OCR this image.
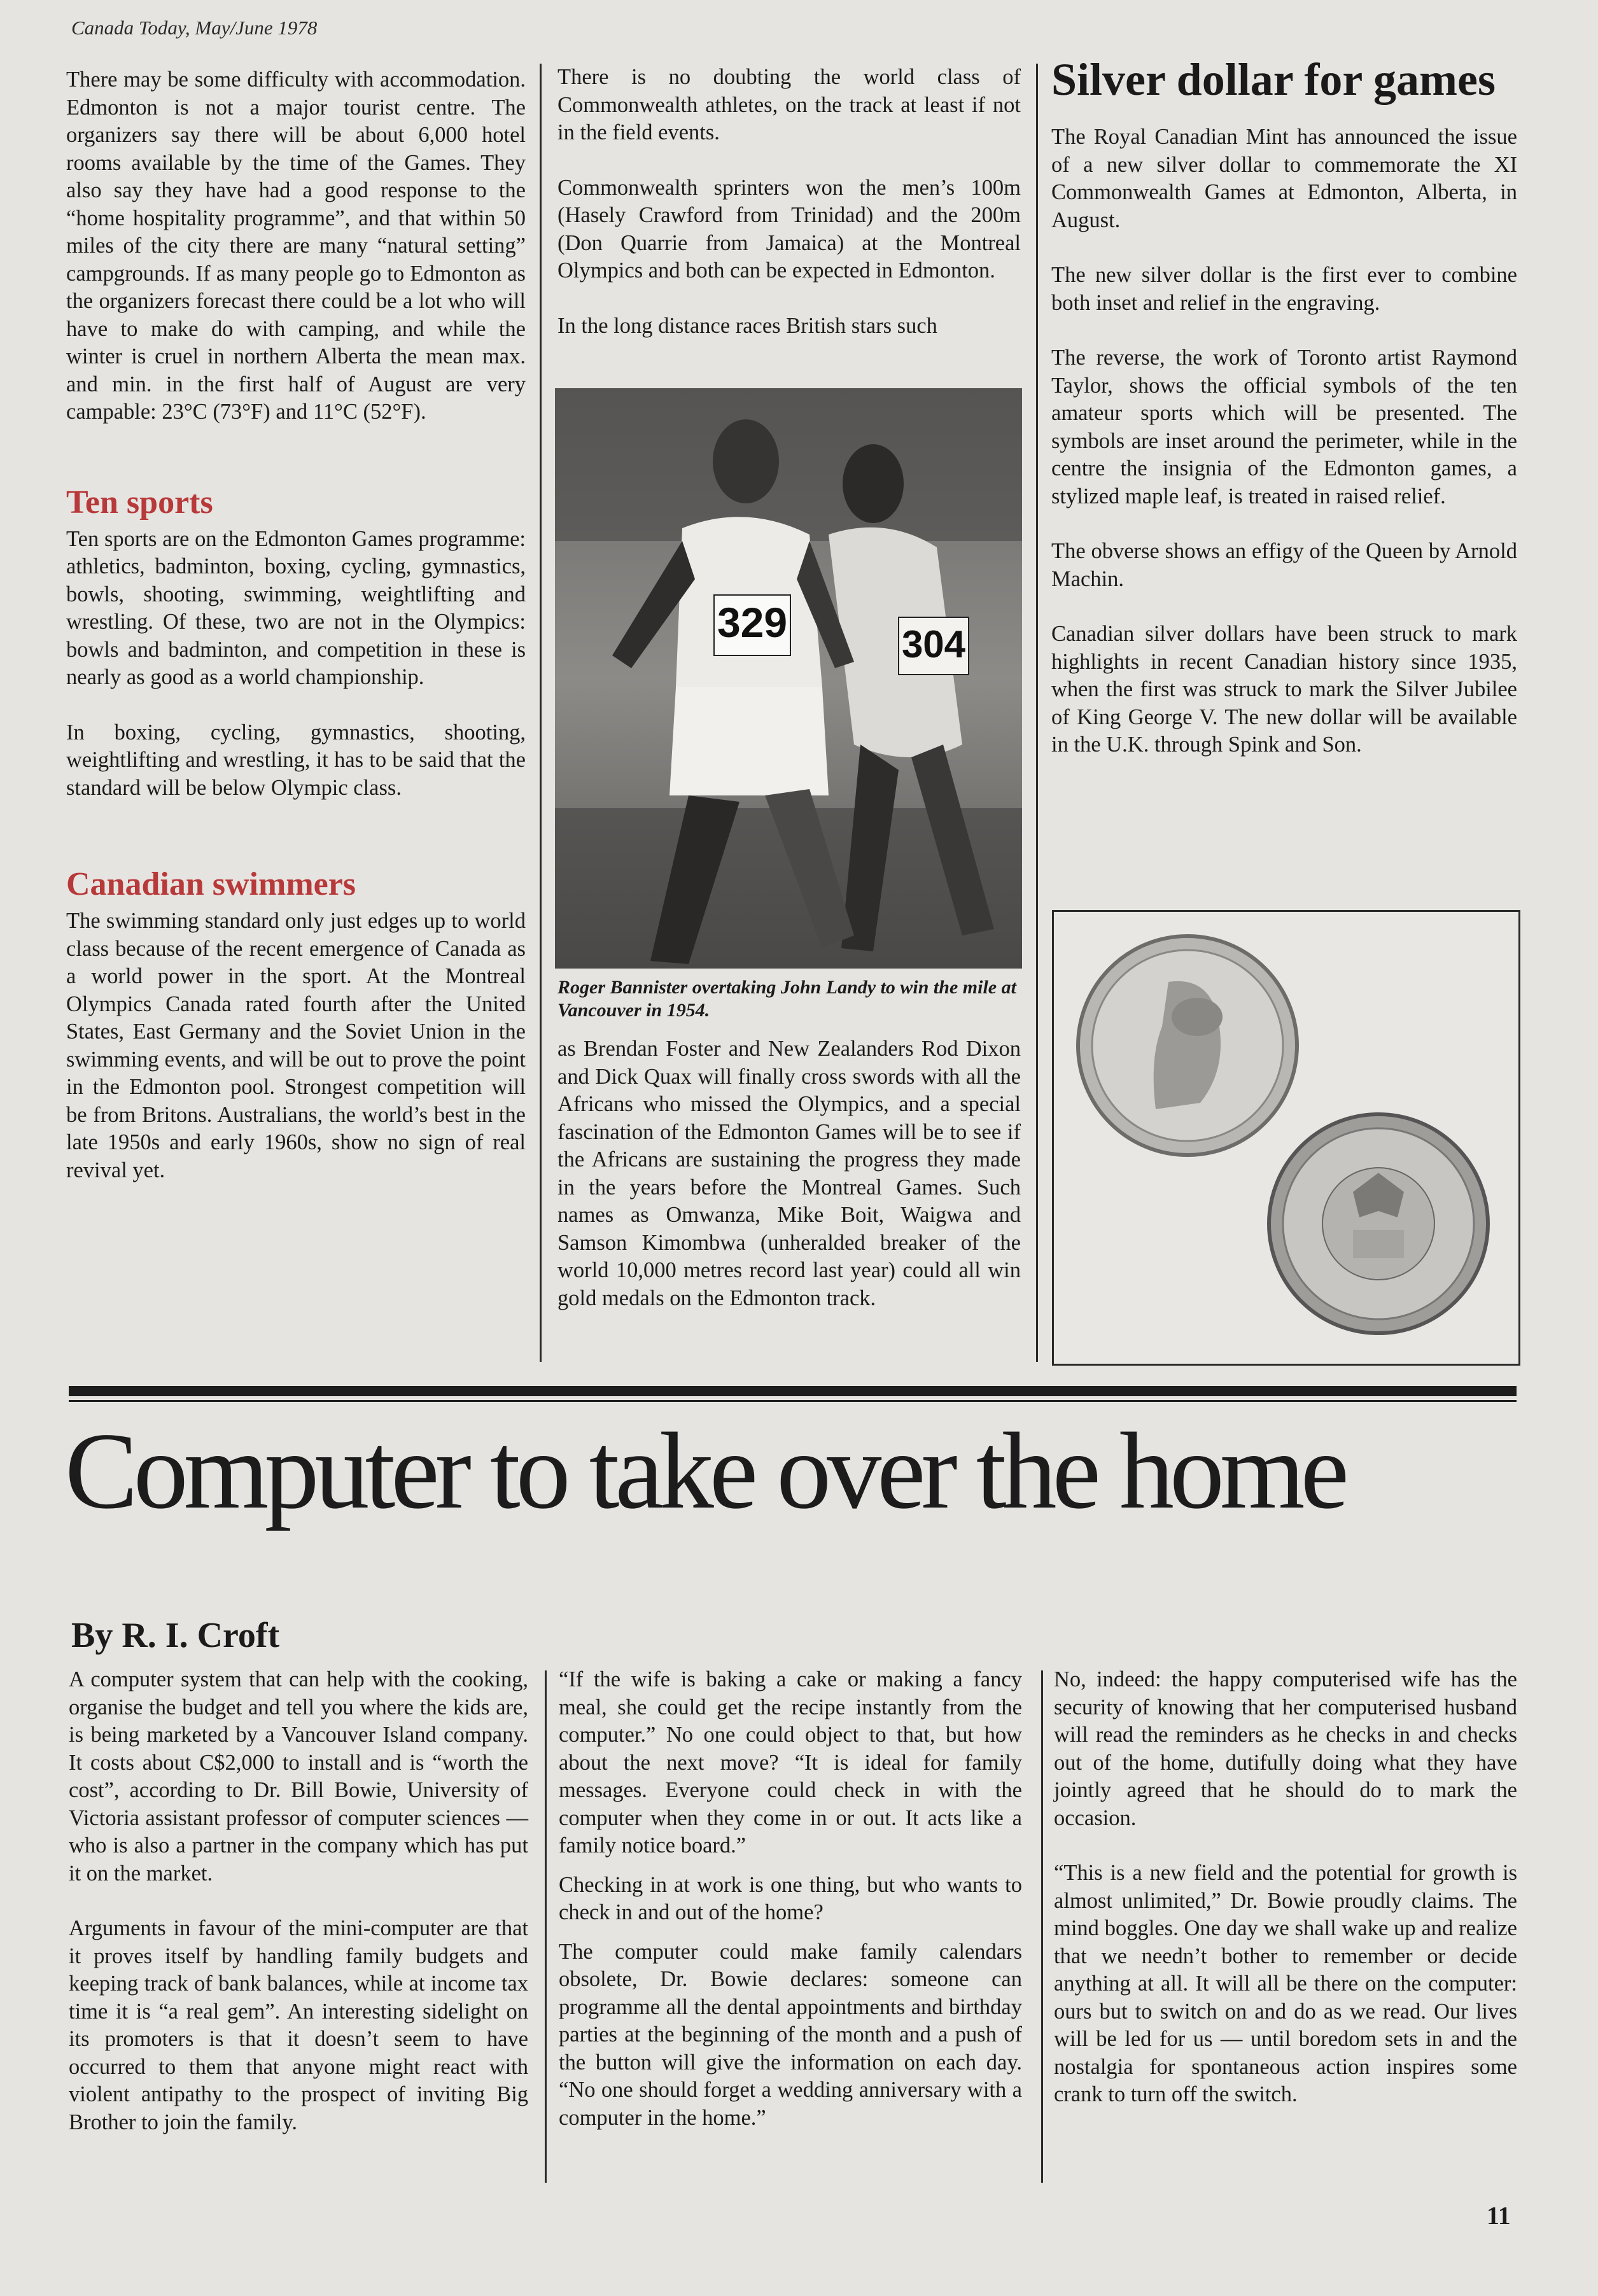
Canada Today, May/June 1978

There may be some difficulty with accommodation. Edmonton is not a major tourist centre. The organizers say there will be about 6,000 hotel rooms available by the time of the Games. They also say they have had a good response to the “home hospitality programme”, and that within 50 miles of the city there are many “natural setting” campgrounds. If as many people go to Edmonton as the organizers forecast there could be a lot who will have to make do with camping, and while the winter is cruel in northern Alberta the mean max. and min. in the first half of August are very campable: 23°C (73°F) and 11°C (52°F).

Ten sports

Ten sports are on the Edmonton Games programme: athletics, badminton, boxing, cycling, gymnastics, bowls, shooting, swimming, weightlifting and wrestling. Of these, two are not in the Olympics: bowls and badminton, and competition in these is nearly as good as a world championship.

In boxing, cycling, gymnastics, shooting, weightlifting and wrestling, it has to be said that the standard will be below Olympic class.

Canadian swimmers

The swimming standard only just edges up to world class because of the recent emergence of Canada as a world power in the sport. At the Montreal Olympics Canada rated fourth after the United States, East Germany and the Soviet Union in the swimming events, and will be out to prove the point in the Edmonton pool. Strongest competition will be from Britons. Australians, the world’s best in the late 1950s and early 1960s, show no sign of real revival yet.

There is no doubting the world class of Commonwealth athletes, on the track at least if not in the field events.

Commonwealth sprinters won the men’s 100m (Hasely Crawford from Trinidad) and the 200m (Don Quarrie from Jamaica) at the Montreal Olympics and both can be expected in Edmonton.

In the long distance races British stars such

329	304
Roger Bannister overtaking John Landy to win the mile at Vancouver in 1954.

as Brendan Foster and New Zealanders Rod Dixon and Dick Quax will finally cross swords with all the Africans who missed the Olympics, and a special fascination of the Edmonton Games will be to see if the Africans are sustaining the progress they made in the years before the Montreal Games. Such names as Omwanza, Mike Boit, Waigwa and Samson Kimombwa (unheralded breaker of the world 10,000 metres record last year) could all win gold medals on the Edmonton track.

Silver dollar for games

The Royal Canadian Mint has announced the issue of a new silver dollar to commemorate the XI Commonwealth Games at Edmonton, Alberta, in August.

The new silver dollar is the first ever to combine both inset and relief in the engraving.

The reverse, the work of Toronto artist Raymond Taylor, shows the official symbols of the ten amateur sports which will be presented. The symbols are inset around the perimeter, while in the centre the insignia of the Edmonton games, a stylized maple leaf, is treated in raised relief.

The obverse shows an effigy of the Queen by Arnold Machin.

Canadian silver dollars have been struck to mark highlights in recent Canadian history since 1935, when the first was struck to mark the Silver Jubilee of King George V. The new dollar will be available in the U.K. through Spink and Son.

Computer to take over the home
By R. I. Croft

A computer system that can help with the cooking, organise the budget and tell you where the kids are, is being marketed by a Vancouver Island company. It costs about C$2,000 to install and is “worth the cost”, according to Dr. Bill Bowie, University of Victoria assistant professor of computer sciences — who is also a partner in the company which has put it on the market.

Arguments in favour of the mini-computer are that it proves itself by handling family budgets and keeping track of bank balances, while at income tax time it is “a real gem”. An interesting sidelight on its promoters is that it doesn’t seem to have occurred to them that anyone might react with violent antipathy to the prospect of inviting Big Brother to join the family.

“If the wife is baking a cake or making a fancy meal, she could get the recipe instantly from the computer.” No one could object to that, but how about the next move? “It is ideal for family messages. Everyone could check in with the computer when they come in or out. It acts like a family notice board.”

Checking in at work is one thing, but who wants to check in and out of the home?

The computer could make family calendars obsolete, Dr. Bowie declares: someone can programme all the dental appointments and birthday parties at the beginning of the month and a push of the button will give the information on each day. “No one should forget a wedding anniversary with a computer in the home.”

No, indeed: the happy computerised wife has the security of knowing that her computerised husband will read the reminders as he checks in and checks out of the home, dutifully doing what they have jointly agreed that he should do to mark the occasion.

“This is a new field and the potential for growth is almost unlimited,” Dr. Bowie proudly claims. The mind boggles. One day we shall wake up and realize that we needn’t bother to remember or decide anything at all. It will all be there on the computer: ours but to switch on and do as we read. Our lives will be led for us — until boredom sets in and the nostalgia for spontaneous action inspires some crank to turn off the switch.

11
